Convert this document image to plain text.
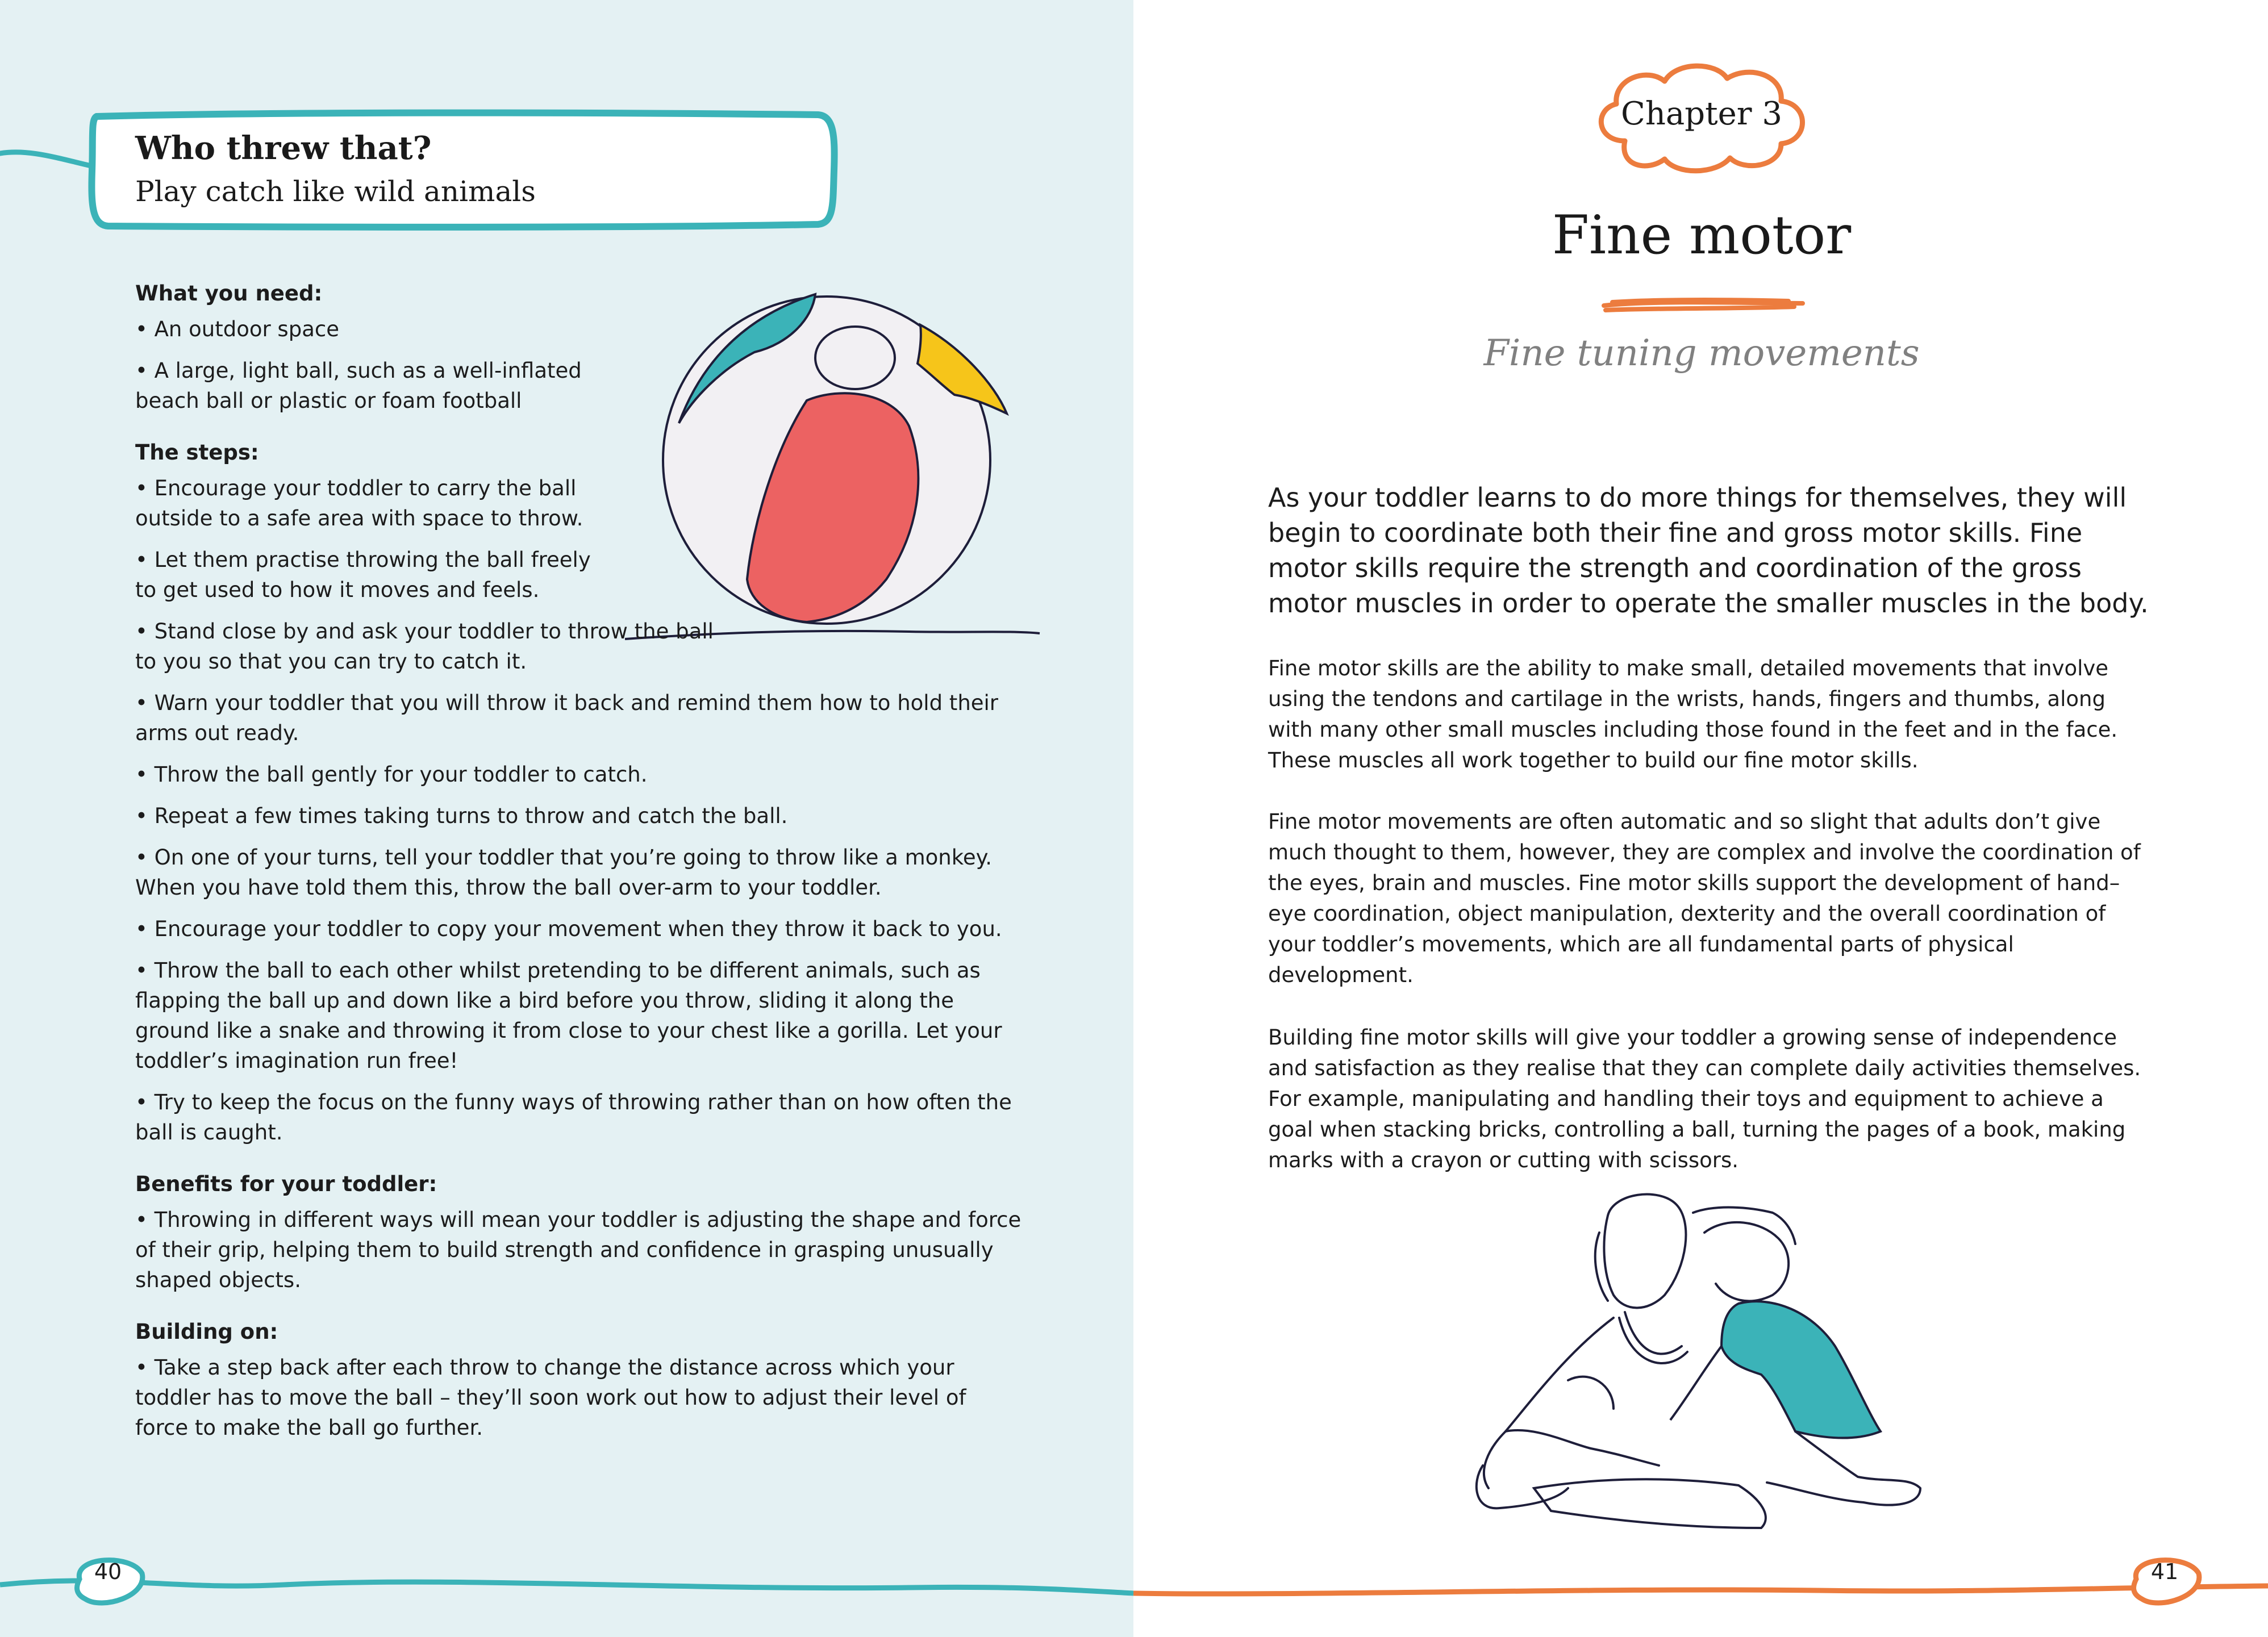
Who threw that?
Play catch like wild animals
What you need:

• An outdoor space

• A large, light ball, such as a well-inflated beach ball or plastic or foam football

The steps:

• Encourage your toddler to carry the ball outside to a safe area with space to throw.

• Let them practise throwing the ball freely to get used to how it moves and feels.

• Stand close by and ask your toddler to throw the ball to you so that you can try to catch it.

• Warn your toddler that you will throw it back and remind them how to hold their arms out ready.

• Throw the ball gently for your toddler to catch.

• Repeat a few times taking turns to throw and catch the ball.

• On one of your turns, tell your toddler that you’re going to throw like a monkey. When you have told them this, throw the ball over-arm to your toddler.

• Encourage your toddler to copy your movement when they throw it back to you.

• Throw the ball to each other whilst pretending to be different animals, such as flapping the ball up and down like a bird before you throw, sliding it along the ground like a snake and throwing it from close to your chest like a gorilla. Let your toddler’s imagination run free!

• Try to keep the focus on the funny ways of throwing rather than on how often the ball is caught.

Benefits for your toddler:

• Throwing in different ways will mean your toddler is adjusting the shape and force of their grip, helping them to build strength and confidence in grasping unusually shaped objects.

Building on:

• Take a step back after each throw to change the distance across which your toddler has to move the ball – they’ll soon work out how to adjust their level of force to make the ball go further.

Chapter 3
Fine motor
Fine tuning movements

As your toddler learns to do more things for themselves, they will begin to coordinate both their fine and gross motor skills. Fine motor skills require the strength and coordination of the gross motor muscles in order to operate the smaller muscles in the body.

Fine motor skills are the ability to make small, detailed movements that involve using the tendons and cartilage in the wrists, hands, fingers and thumbs, along with many other small muscles including those found in the feet and in the face. These muscles all work together to build our fine motor skills.

Fine motor movements are often automatic and so slight that adults don’t give much thought to them, however, they are complex and involve the coordination of the eyes, brain and muscles. Fine motor skills support the development of hand–eye coordination, object manipulation, dexterity and the overall coordination of your toddler’s movements, which are all fundamental parts of physical development.

Building fine motor skills will give your toddler a growing sense of independence and satisfaction as they realise that they can complete daily activities themselves. For example, manipulating and handling their toys and equipment to achieve a goal when stacking bricks, controlling a ball, turning the pages of a book, making marks with a crayon or cutting with scissors.

40	41
